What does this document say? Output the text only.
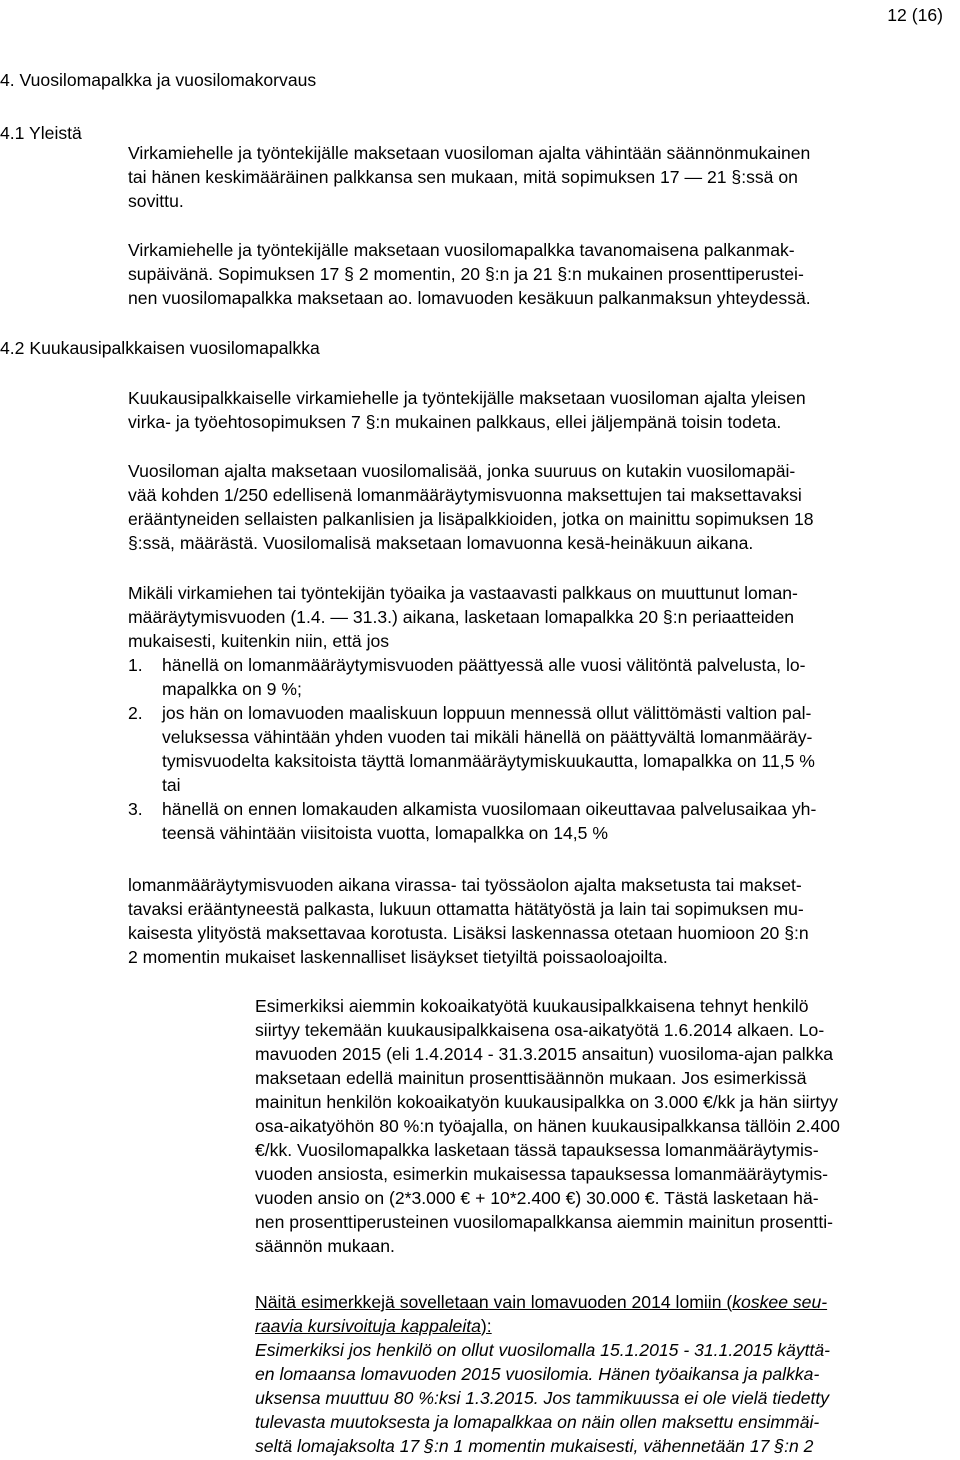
12 (16)
4. Vuosilomapalkka ja vuosilomakorvaus
4.1 Yleistä
Virkamiehelle ja työntekijälle maksetaan vuosiloman ajalta vähintään säännönmukainen
tai hänen keskimääräinen palkkansa sen mukaan, mitä sopimuksen 17 — 21 §:ssä on
sovittu.
Virkamiehelle ja työntekijälle maksetaan vuosilomapalkka tavanomaisena palkanmak-
supäivänä. Sopimuksen 17 § 2 momentin, 20 §:n ja 21 §:n mukainen prosenttiperustei-
nen vuosilomapalkka maksetaan ao. lomavuoden kesäkuun palkanmaksun yhteydessä.
4.2 Kuukausipalkkaisen vuosilomapalkka
Kuukausipalkkaiselle virkamiehelle ja työntekijälle maksetaan vuosiloman ajalta yleisen
virka- ja työehtosopimuksen 7 §:n mukainen palkkaus, ellei jäljempänä toisin todeta.
Vuosiloman ajalta maksetaan vuosilomalisää, jonka suuruus on kutakin vuosilomapäi-
vää kohden 1/250 edellisenä lomanmääräytymisvuonna maksettujen tai maksettavaksi
erääntyneiden sellaisten palkanlisien ja lisäpalkkioiden, jotka on mainittu sopimuksen 18
§:ssä, määrästä. Vuosilomalisä maksetaan lomavuonna kesä-heinäkuun aikana.
Mikäli virkamiehen tai työntekijän työaika ja vastaavasti palkkaus on muuttunut loman-
määräytymisvuoden (1.4. — 31.3.) aikana, lasketaan lomapalkka 20 §:n periaatteiden
mukaisesti, kuitenkin niin, että jos
1. hänellä on lomanmääräytymisvuoden päättyessä alle vuosi välitöntä palvelusta, lo-
mapalkka on 9 %;
2. jos hän on lomavuoden maaliskuun loppuun mennessä ollut välittömästi valtion pal-
veluksessa vähintään yhden vuoden tai mikäli hänellä on päättyvältä lomanmääräy-
tymisvuodelta kaksitoista täyttä lomanmääräytymiskuukautta, lomapalkka on 11,5 %
tai
3. hänellä on ennen lomakauden alkamista vuosilomaan oikeuttavaa palvelusaikaa yh-
teensä vähintään viisitoista vuotta, lomapalkka on 14,5 %
lomanmääräytymisvuoden aikana virassa- tai työssäolon ajalta maksetusta tai makset-
tavaksi erääntyneestä palkasta, lukuun ottamatta hätätyöstä ja lain tai sopimuksen mu-
kaisesta ylityöstä maksettavaa korotusta. Lisäksi laskennassa otetaan huomioon 20 §:n
2 momentin mukaiset laskennalliset lisäykset tietyiltä poissaoloajoilta.
Esimerkiksi aiemmin kokoaikatyötä kuukausipalkkaisena tehnyt henkilö
siirtyy tekemään kuukausipalkkaisena osa-aikatyötä 1.6.2014 alkaen. Lo-
mavuoden 2015 (eli 1.4.2014 - 31.3.2015 ansaitun) vuosiloma-ajan palkka
maksetaan edellä mainitun prosenttisäännön mukaan. Jos esimerkissä
mainitun henkilön kokoaikatyön kuukausipalkka on 3.000 €/kk ja hän siirtyy
osa-aikatyöhön 80 %:n työajalla, on hänen kuukausipalkkansa tällöin 2.400
€/kk. Vuosilomapalkka lasketaan tässä tapauksessa lomanmääräytymis-
vuoden ansiosta, esimerkin mukaisessa tapauksessa lomanmääräytymis-
vuoden ansio on (2*3.000 € + 10*2.400 €) 30.000 €. Tästä lasketaan hä-
nen prosenttiperusteinen vuosilomapalkkansa aiemmin mainitun prosentti-
säännön mukaan.
Näitä esimerkkejä sovelletaan vain lomavuoden 2014 lomiin (koskee seu-
raavia kursivoituja kappaleita):
Esimerkiksi jos henkilö on ollut vuosilomalla 15.1.2015 - 31.1.2015 käyttä-
en lomaansa lomavuoden 2015 vuosilomia. Hänen työaikansa ja palkka-
uksensa muuttuu 80 %:ksi 1.3.2015. Jos tammikuussa ei ole vielä tiedetty
tulevasta muutoksesta ja lomapalkkaa on näin ollen maksettu ensimmäi-
seltä lomajaksolta 17 §:n 1 momentin mukaisesti, vähennetään 17 §:n 2
